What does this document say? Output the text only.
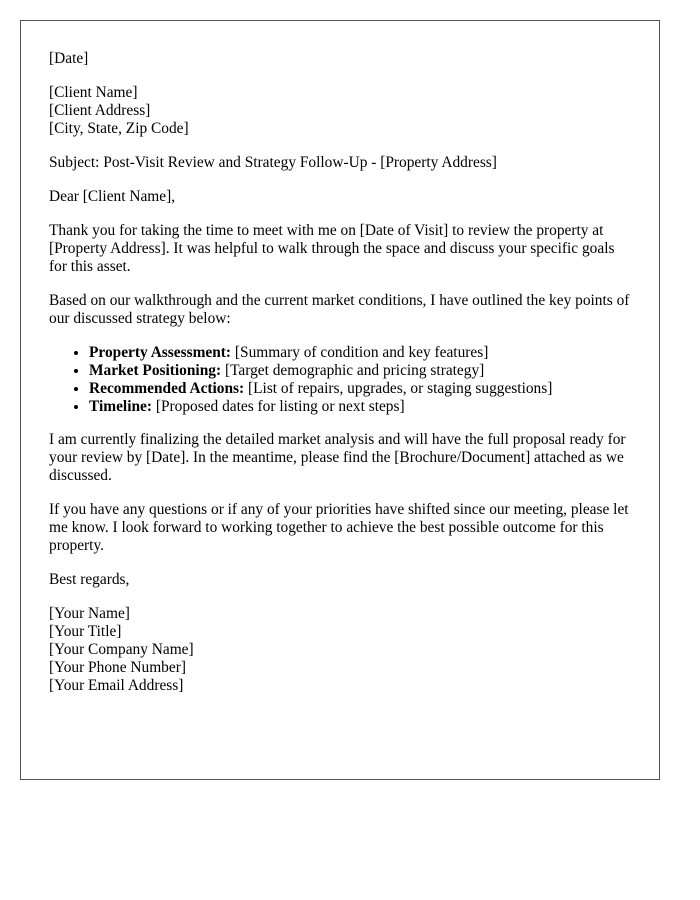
[Date]
[Client Name]
[Client Address]
[City, State, Zip Code]
Subject: Post-Visit Review and Strategy Follow-Up - [Property Address]
Dear [Client Name],

Thank you for taking the time to meet with me on [Date of Visit] to review the property at [Property Address]. It was helpful to walk through the space and discuss your specific goals for this asset.

Based on our walkthrough and the current market conditions, I have outlined the key points of our discussed strategy below:

• Property Assessment: [Summary of condition and key features]
• Market Positioning: [Target demographic and pricing strategy]
• Recommended Actions: [List of repairs, upgrades, or staging suggestions]
• Timeline: [Proposed dates for listing or next steps]

I am currently finalizing the detailed market analysis and will have the full proposal ready for your review by [Date]. In the meantime, please find the [Brochure/Document] attached as we discussed.

If you have any questions or if any of your priorities have shifted since our meeting, please let me know. I look forward to working together to achieve the best possible outcome for this property.

Best regards,
[Your Name]
[Your Title]
[Your Company Name]
[Your Phone Number]
[Your Email Address]
